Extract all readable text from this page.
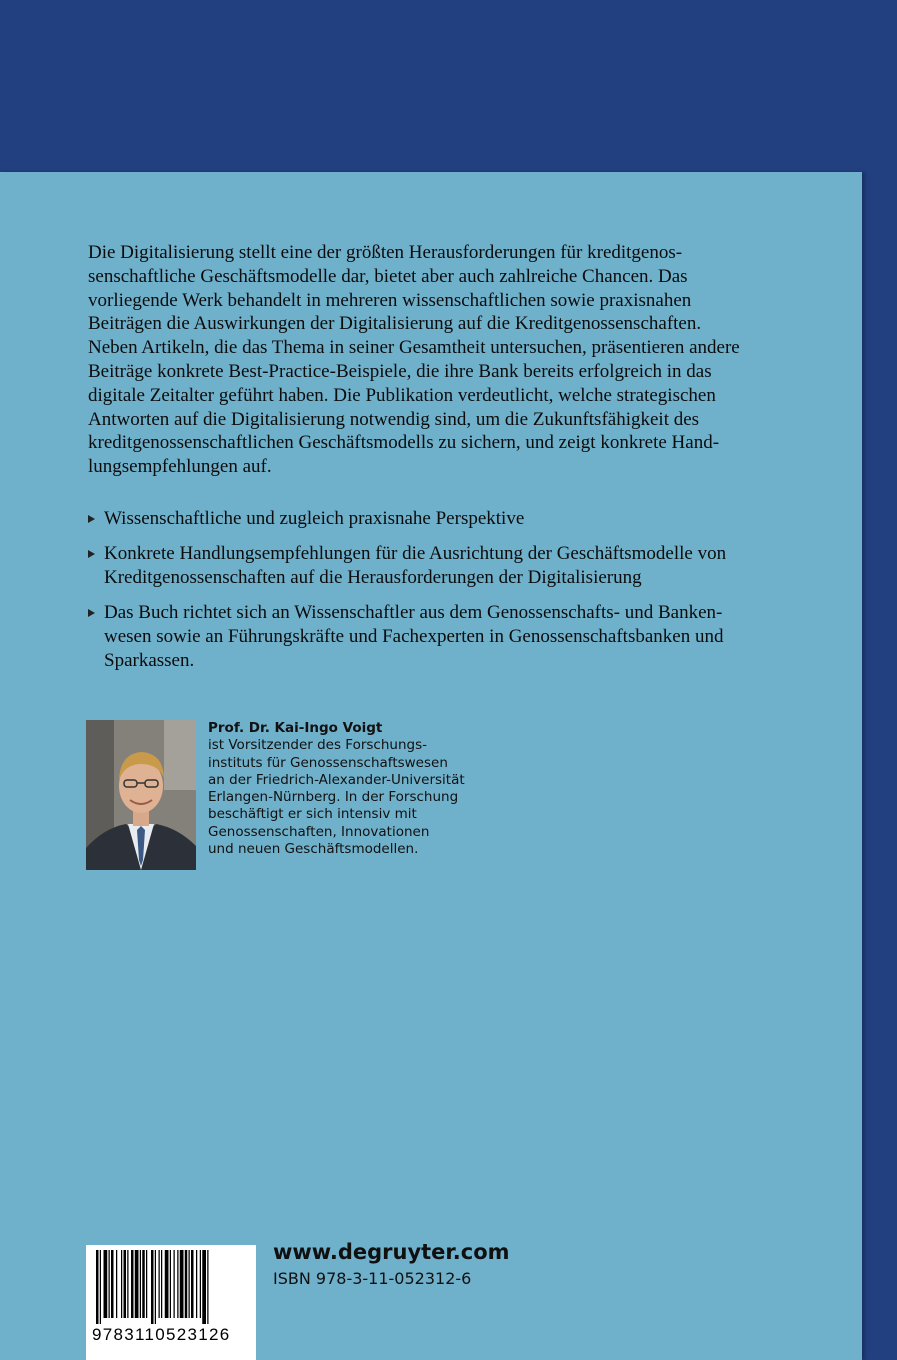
Die Digitalisierung stellt eine der größten Herausforderungen für kreditgenos-
senschaftliche Geschäftsmodelle dar, bietet aber auch zahlreiche Chancen. Das
vorliegende Werk behandelt in mehreren wissenschaftlichen sowie praxisnahen
Beiträgen die Auswirkungen der Digitalisierung auf die Kreditgenossenschaften.
Neben Artikeln, die das Thema in seiner Gesamtheit untersuchen, präsentieren andere
Beiträge konkrete Best-Practice-Beispiele, die ihre Bank bereits erfolgreich in das
digitale Zeitalter geführt haben. Die Publikation verdeutlicht, welche strategischen
Antworten auf die Digitalisierung notwendig sind, um die Zukunftsfähigkeit des
kreditgenossenschaftlichen Geschäftsmodells zu sichern, und zeigt konkrete Hand-
lungsempfehlungen auf.

Wissenschaftliche und zugleich praxisnahe Perspektive
Konkrete Handlungsempfehlungen für die Ausrichtung der Geschäftsmodelle von
Kreditgenossenschaften auf die Herausforderungen der Digitalisierung
Das Buch richtet sich an Wissenschaftler aus dem Genossenschafts- und Banken-
wesen sowie an Führungskräfte und Fachexperten in Genossenschaftsbanken und
Sparkassen.
Prof. Dr. Kai-Ingo Voigt
ist Vorsitzender des Forschungs-
instituts für Genossenschaftswesen
an der Friedrich-Alexander-Universität
Erlangen-Nürnberg. In der Forschung
beschäftigt er sich intensiv mit
Genossenschaften, Innovationen
und neuen Geschäftsmodellen.
9783110523126
www.degruyter.com
ISBN 978-3-11-052312-6
